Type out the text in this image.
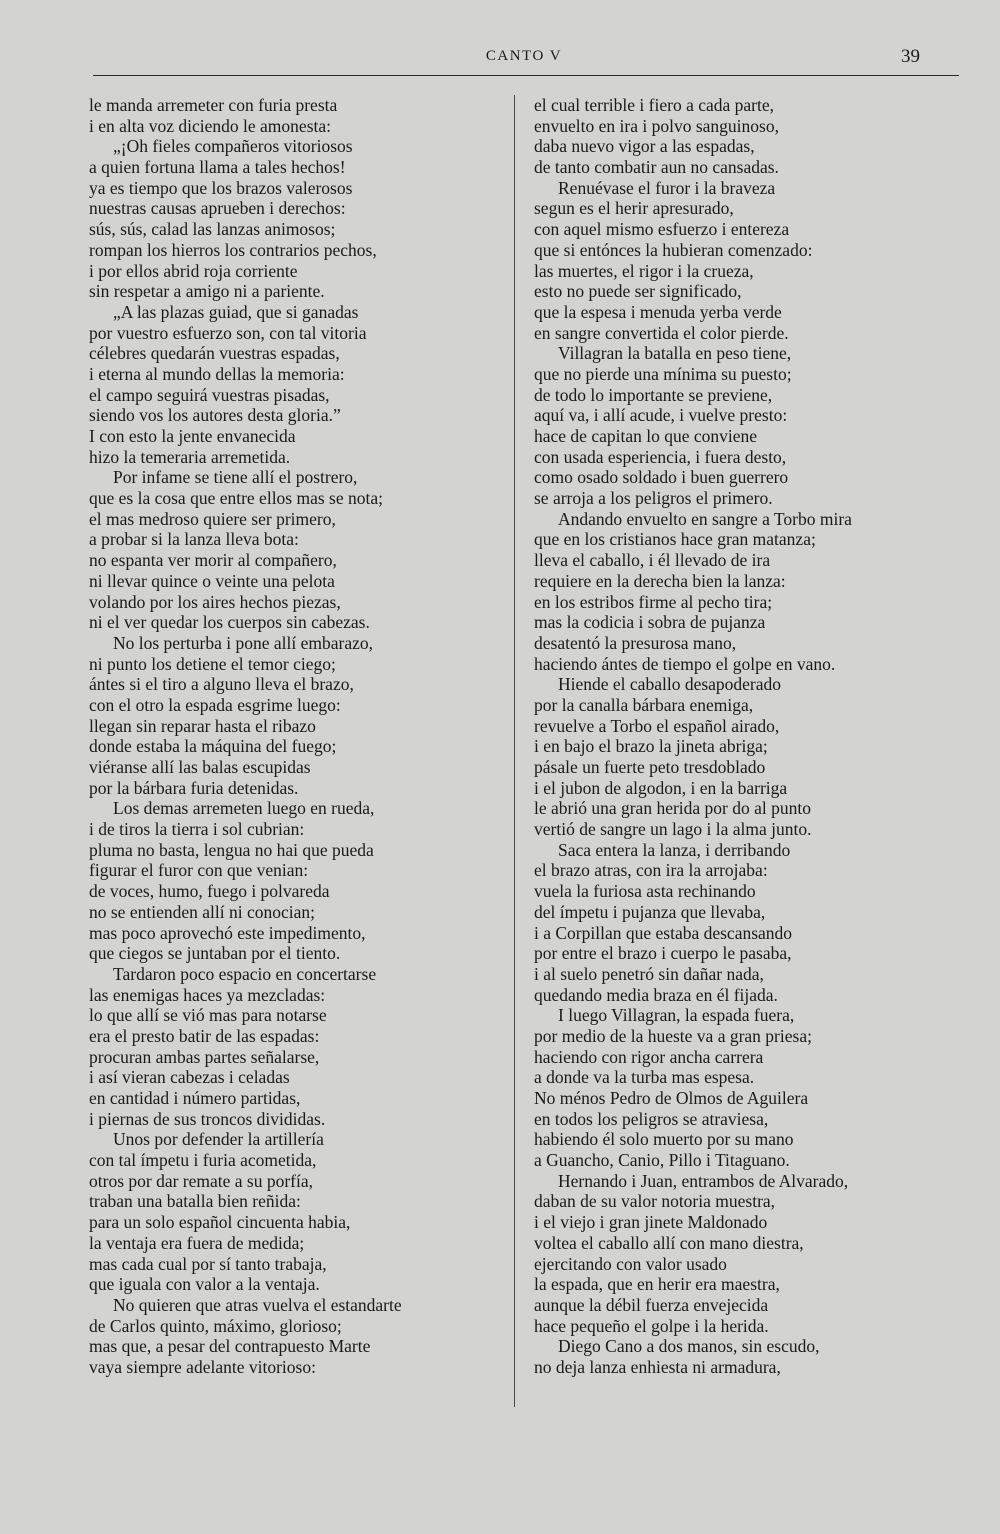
CANTO V	39
le manda arremeter con furia presta
i en alta voz diciendo le amonesta:
„¡Oh fieles compañeros vitoriosos
a quien fortuna llama a tales hechos!
ya es tiempo que los brazos valerosos
nuestras causas aprueben i derechos:
sús, sús, calad las lanzas animosos;
rompan los hierros los contrarios pechos,
i por ellos abrid roja corriente
sin respetar a amigo ni a pariente.
„A las plazas guiad, que si ganadas
por vuestro esfuerzo son, con tal vitoria
célebres quedarán vuestras espadas,
i eterna al mundo dellas la memoria:
el campo seguirá vuestras pisadas,
siendo vos los autores desta gloria.”
I con esto la jente envanecida
hizo la temeraria arremetida.
Por infame se tiene allí el postrero,
que es la cosa que entre ellos mas se nota;
el mas medroso quiere ser primero,
a probar si la lanza lleva bota:
no espanta ver morir al compañero,
ni llevar quince o veinte una pelota
volando por los aires hechos piezas,
ni el ver quedar los cuerpos sin cabezas.
No los perturba i pone allí embarazo,
ni punto los detiene el temor ciego;
ántes si el tiro a alguno lleva el brazo,
con el otro la espada esgrime luego:
llegan sin reparar hasta el ribazo
donde estaba la máquina del fuego;
viéranse allí las balas escupidas
por la bárbara furia detenidas.
Los demas arremeten luego en rueda,
i de tiros la tierra i sol cubrian:
pluma no basta, lengua no hai que pueda
figurar el furor con que venian:
de voces, humo, fuego i polvareda
no se entienden allí ni conocian;
mas poco aprovechó este impedimento,
que ciegos se juntaban por el tiento.
Tardaron poco espacio en concertarse
las enemigas haces ya mezcladas:
lo que allí se vió mas para notarse
era el presto batir de las espadas:
procuran ambas partes señalarse,
i así vieran cabezas i celadas
en cantidad i número partidas,
i piernas de sus troncos divididas.
Unos por defender la artillería
con tal ímpetu i furia acometida,
otros por dar remate a su porfía,
traban una batalla bien reñida:
para un solo español cincuenta habia,
la ventaja era fuera de medida;
mas cada cual por sí tanto trabaja,
que iguala con valor a la ventaja.
No quieren que atras vuelva el estandarte
de Carlos quinto, máximo, glorioso;
mas que, a pesar del contrapuesto Marte
vaya siempre adelante vitorioso:
el cual terrible i fiero a cada parte,
envuelto en ira i polvo sanguinoso,
daba nuevo vigor a las espadas,
de tanto combatir aun no cansadas.
Renuévase el furor i la braveza
segun es el herir apresurado,
con aquel mismo esfuerzo i entereza
que si entónces la hubieran comenzado:
las muertes, el rigor i la crueza,
esto no puede ser significado,
que la espesa i menuda yerba verde
en sangre convertida el color pierde.
Villagran la batalla en peso tiene,
que no pierde una mínima su puesto;
de todo lo importante se previene,
aquí va, i allí acude, i vuelve presto:
hace de capitan lo que conviene
con usada esperiencia, i fuera desto,
como osado soldado i buen guerrero
se arroja a los peligros el primero.
Andando envuelto en sangre a Torbo mira
que en los cristianos hace gran matanza;
lleva el caballo, i él llevado de ira
requiere en la derecha bien la lanza:
en los estribos firme al pecho tira;
mas la codicia i sobra de pujanza
desatentó la presurosa mano,
haciendo ántes de tiempo el golpe en vano.
Hiende el caballo desapoderado
por la canalla bárbara enemiga,
revuelve a Torbo el español airado,
i en bajo el brazo la jineta abriga;
pásale un fuerte peto tresdoblado
i el jubon de algodon, i en la barriga
le abrió una gran herida por do al punto
vertió de sangre un lago i la alma junto.
Saca entera la lanza, i derribando
el brazo atras, con ira la arrojaba:
vuela la furiosa asta rechinando
del ímpetu i pujanza que llevaba,
i a Corpillan que estaba descansando
por entre el brazo i cuerpo le pasaba,
i al suelo penetró sin dañar nada,
quedando media braza en él fijada.
I luego Villagran, la espada fuera,
por medio de la hueste va a gran priesa;
haciendo con rigor ancha carrera
a donde va la turba mas espesa.
No ménos Pedro de Olmos de Aguilera
en todos los peligros se atraviesa,
habiendo él solo muerto por su mano
a Guancho, Canio, Pillo i Titaguano.
Hernando i Juan, entrambos de Alvarado,
daban de su valor notoria muestra,
i el viejo i gran jinete Maldonado
voltea el caballo allí con mano diestra,
ejercitando con valor usado
la espada, que en herir era maestra,
aunque la débil fuerza envejecida
hace pequeño el golpe i la herida.
Diego Cano a dos manos, sin escudo,
no deja lanza enhiesta ni armadura,
